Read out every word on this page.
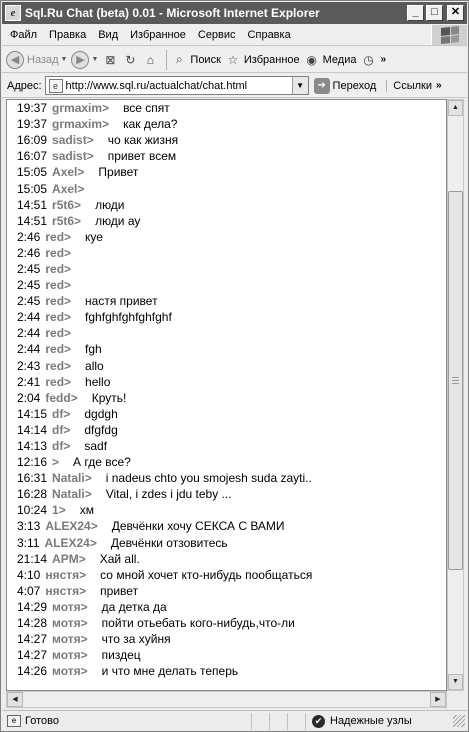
e Sql.Ru Chat (beta) 0.01 - Microsoft Internet Explorer	_	□	✕
Файл	Правка	Вид	Избранное	Сервис	Справка
◀ Назад ▼ ▶ ▼ ⊠ ↻ ⌂	⌕ Поиск ☆ Избранное ◉ Медиа ◷ »
Адрес:	e http://www.sql.ru/actualchat/chat.html	▼	➔ Переход Ссылки »
19:37 grmaxim> все спят
19:37 grmaxim> как дела?
16:09 sadist> чо как жизня
16:07 sadist> привет всем
15:05 Axel> Привет
15:05 Axel>
14:51 r5t6> люди
14:51 r5t6> люди ау
2:46 red> куе
2:46 red>
2:45 red>
2:45 red>
2:45 red> настя привет
2:44 red> fghfghfghfghfghf
2:44 red>
2:44 red> fgh
2:43 red> allo
2:41 red> hello
2:04 fedd> Круть!
14:15 df> dgdgh
14:14 df> dfgfdg
14:13 df> sadf
12:16 > А где все?
16:31 Natali> i nadeus chto you smojesh suda zayti..
16:28 Natali> Vital, i zdes i jdu teby ...
10:24 1> хм
3:13 ALEX24> Девчёнки хочу СЕКСА С ВАМИ
3:11 ALEX24> Девчёнки отзовитесь
21:14 APM> Хай all.
4:10 нястя> со мной хочет кто-нибудь пообщаться
4:07 нястя> привет
14:29 мотя> да детка да
14:28 мотя> пойти отьебать кого-нибудь,что-ли
14:27 мотя> что за хуйня
14:27 мотя> пиздец
14:26 мотя> и что мне делать теперь
▲
▼
◀	▶
e Готово	✔ Надежные узлы
